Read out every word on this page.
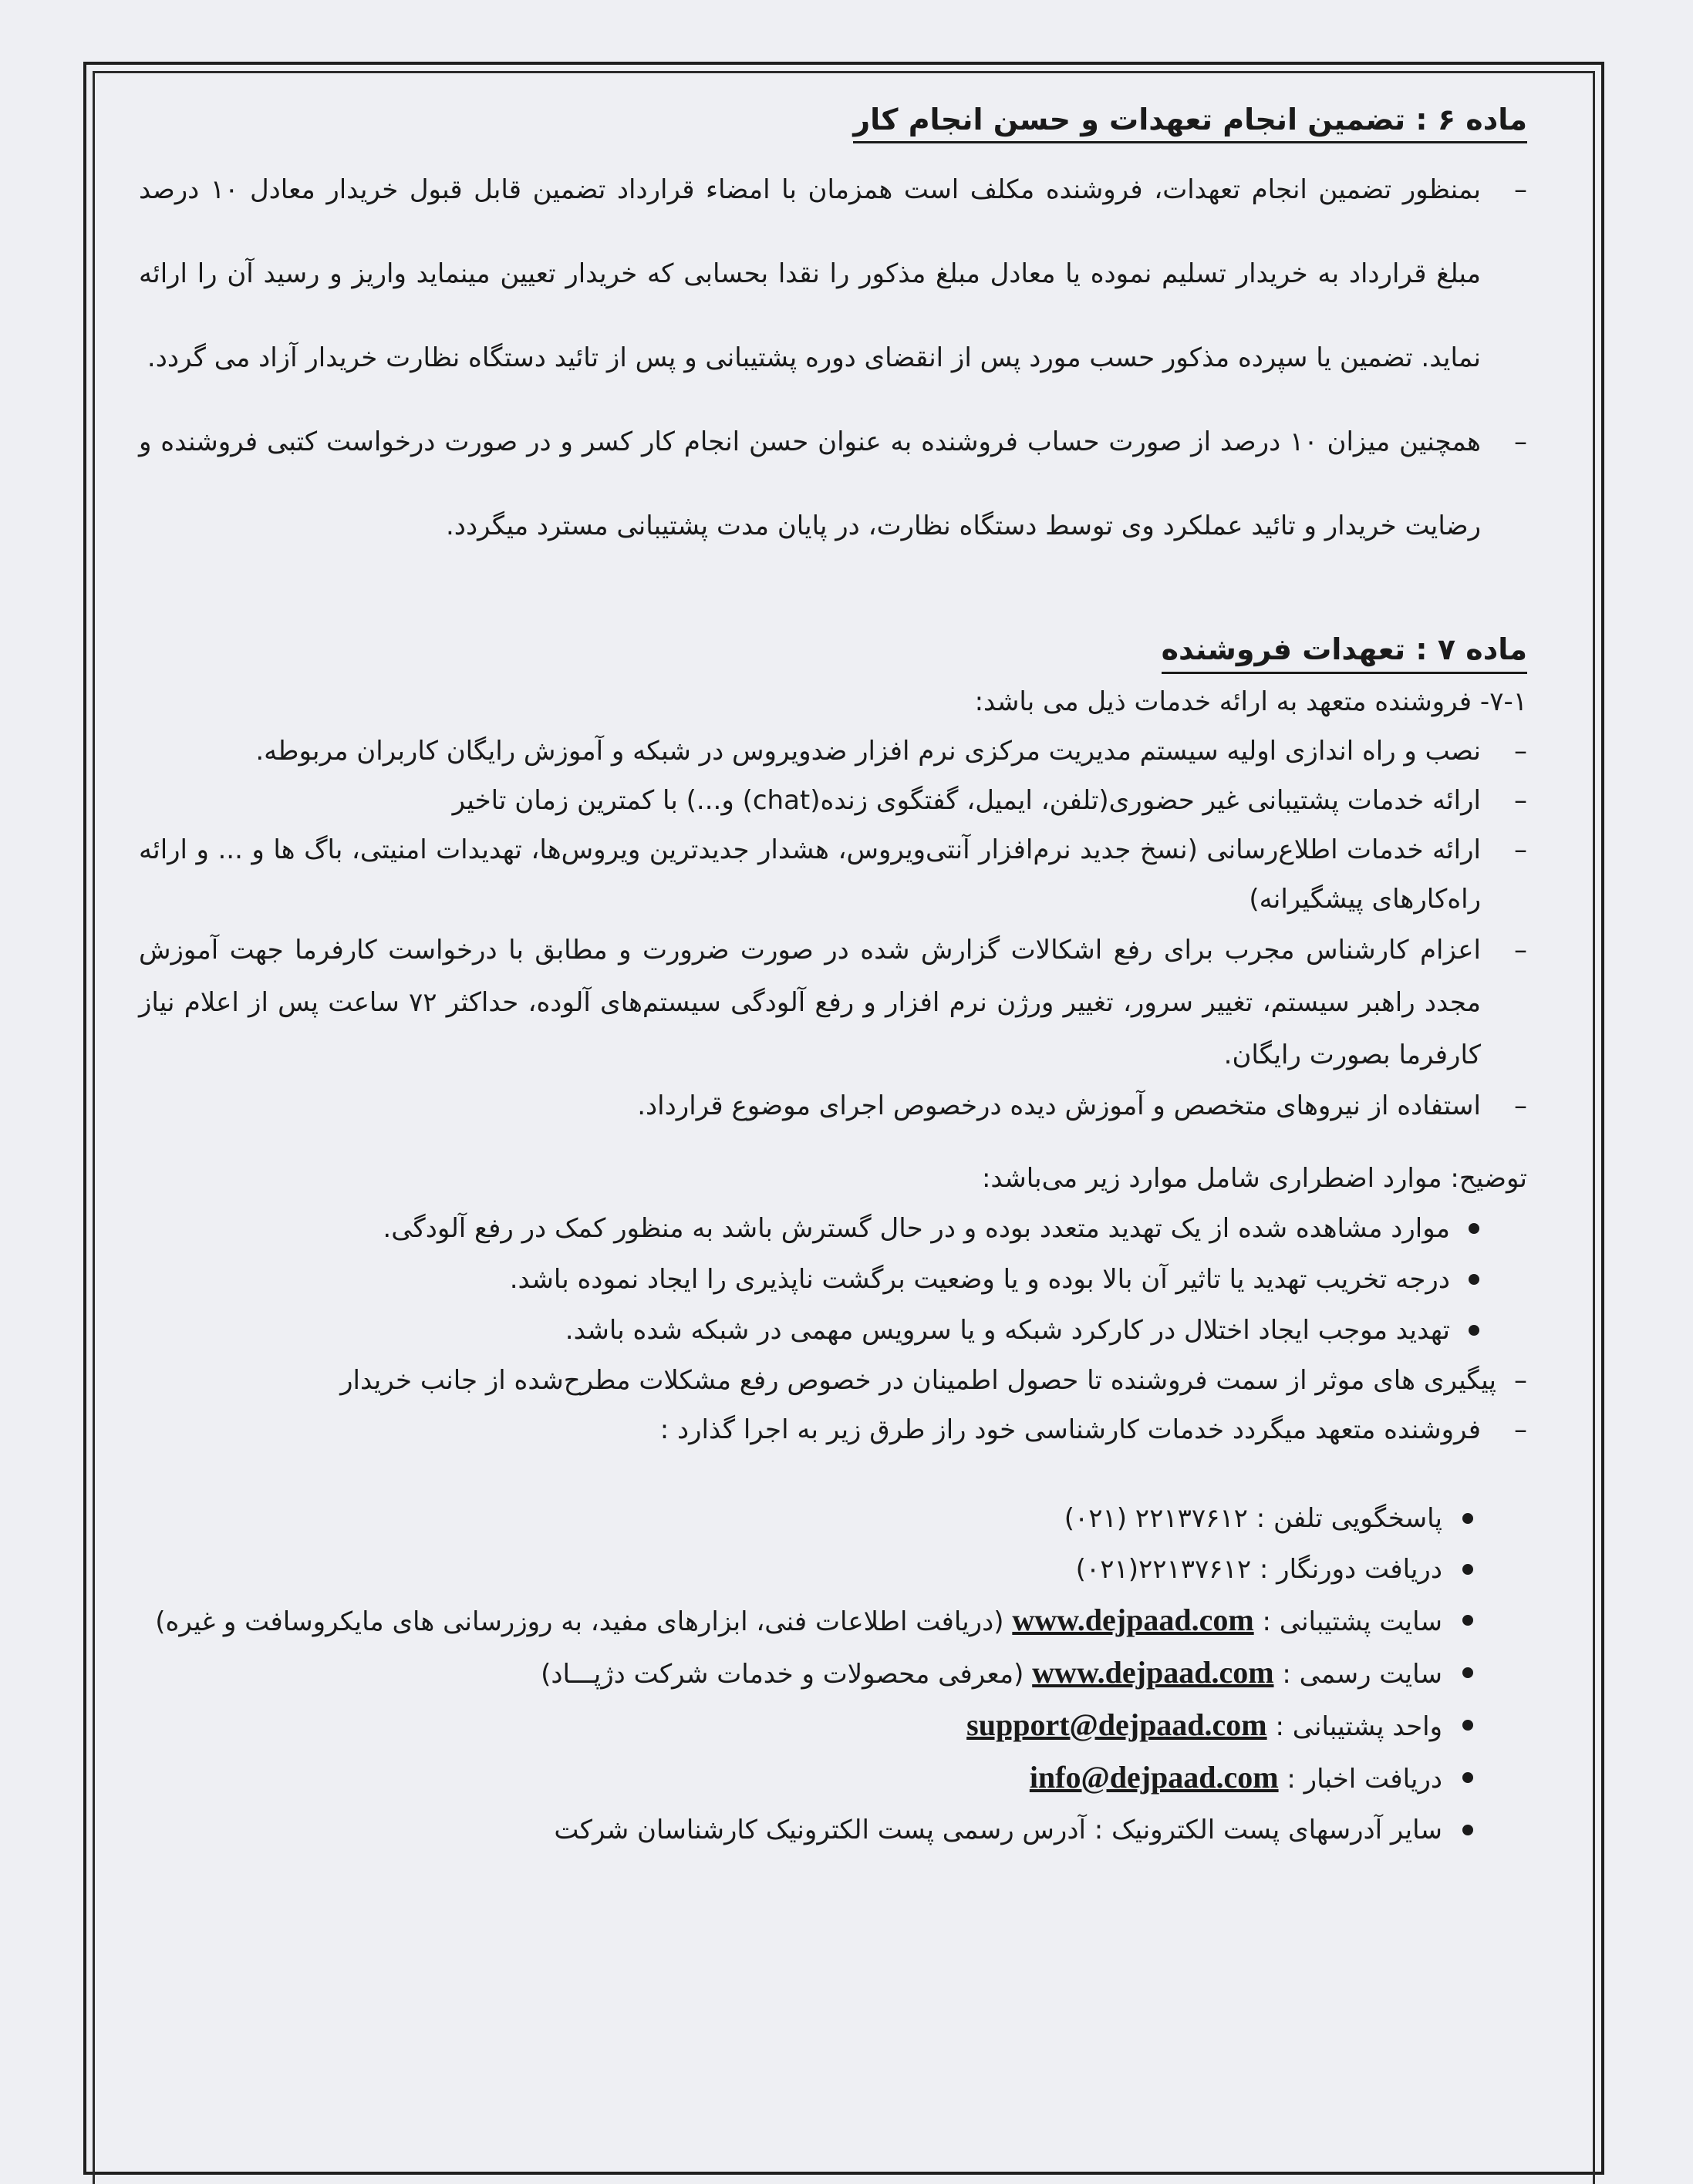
ماده ۶ : تضمین انجام تعهدات و حسن انجام کار
–
بمنظور تضمین انجام تعهدات، فروشنده مکلف است همزمان با امضاء قرارداد تضمین قابل قبول خریدار معادل ۱۰ درصد مبلغ قرارداد به خریدار تسلیم نموده یا معادل مبلغ مذکور را نقدا بحسابی که خریدار تعیین مینماید واریز و رسید آن را ارائه نماید. تضمین یا سپرده مذکور حسب مورد پس از انقضای دوره پشتیبانی و پس از تائید دستگاه نظارت خریدار آزاد می گردد.
–
همچنین میزان ۱۰ درصد از صورت حساب فروشنده به عنوان حسن انجام کار کسر و در صورت درخواست کتبی فروشنده و رضایت خریدار و تائید عملکرد وی توسط دستگاه نظارت، در پایان مدت پشتیبانی مسترد میگردد.
ماده ۷ : تعهدات فروشنده
۷-۱- فروشنده متعهد به ارائه خدمات ذیل می باشد:
–
نصب و راه اندازی اولیه سیستم مدیریت مرکزی نرم افزار ضدویروس در شبکه و آموزش رایگان کاربران مربوطه.
–
ارائه خدمات پشتیبانی غیر حضوری(تلفن، ایمیل، گفتگوی زنده(chat) و...) با کمترین زمان تاخیر
–
ارائه خدمات اطلاع‌رسانی (نسخ جدید نرم‌افزار آنتی‌ویروس، هشدار جدیدترین ویروس‌ها، تهدیدات امنیتی، باگ ها و ... و ارائه راه‌کارهای پیشگیرانه)
–
اعزام کارشناس مجرب برای رفع اشکالات گزارش شده در صورت ضرورت و مطابق با درخواست کارفرما جهت آموزش مجدد راهبر سیستم، تغییر سرور، تغییر ورژن نرم افزار و رفع آلودگی سیستم‌های آلوده، حداکثر ۷۲ ساعت پس از اعلام نیاز کارفرما بصورت رایگان.
–
استفاده از نیروهای متخصص و آموزش دیده درخصوص اجرای موضوع قرارداد.
توضیح: موارد اضطراری شامل موارد زیر می‌باشد:
موارد مشاهده شده از یک تهدید متعدد بوده و در حال گسترش باشد به منظور کمک در رفع آلودگی.
درجه تخریب تهدید یا تاثیر آن بالا بوده و یا وضعیت برگشت ناپذیری را ایجاد نموده باشد.
تهدید موجب ایجاد اختلال در کارکرد شبکه و یا سرویس مهمی در شبکه شده باشد.
–
پیگیری های موثر از سمت فروشنده تا حصول اطمینان در خصوص رفع مشکلات مطرح‌شده از جانب خریدار
–
فروشنده متعهد میگردد خدمات کارشناسی خود راز طرق زیر به اجرا گذارد :
پاسخگویی تلفن : (۰۲۱) ۲۲۱۳۷۶۱۲
دریافت دورنگار : (۰۲۱)۲۲۱۳۷۶۱۲
سایت پشتیبانی : www.dejpaad.com (دریافت اطلاعات فنی، ابزارهای مفید، به روزرسانی های مایکروسافت و غیره)
سایت رسمی : www.dejpaad.com (معرفی محصولات و خدمات شرکت دژپـــاد)
واحد پشتیبانی : support@dejpaad.com
دریافت اخبار : info@dejpaad.com
سایر آدرسهای پست الکترونیک : آدرس رسمی پست الکترونیک کارشناسان شرکت
